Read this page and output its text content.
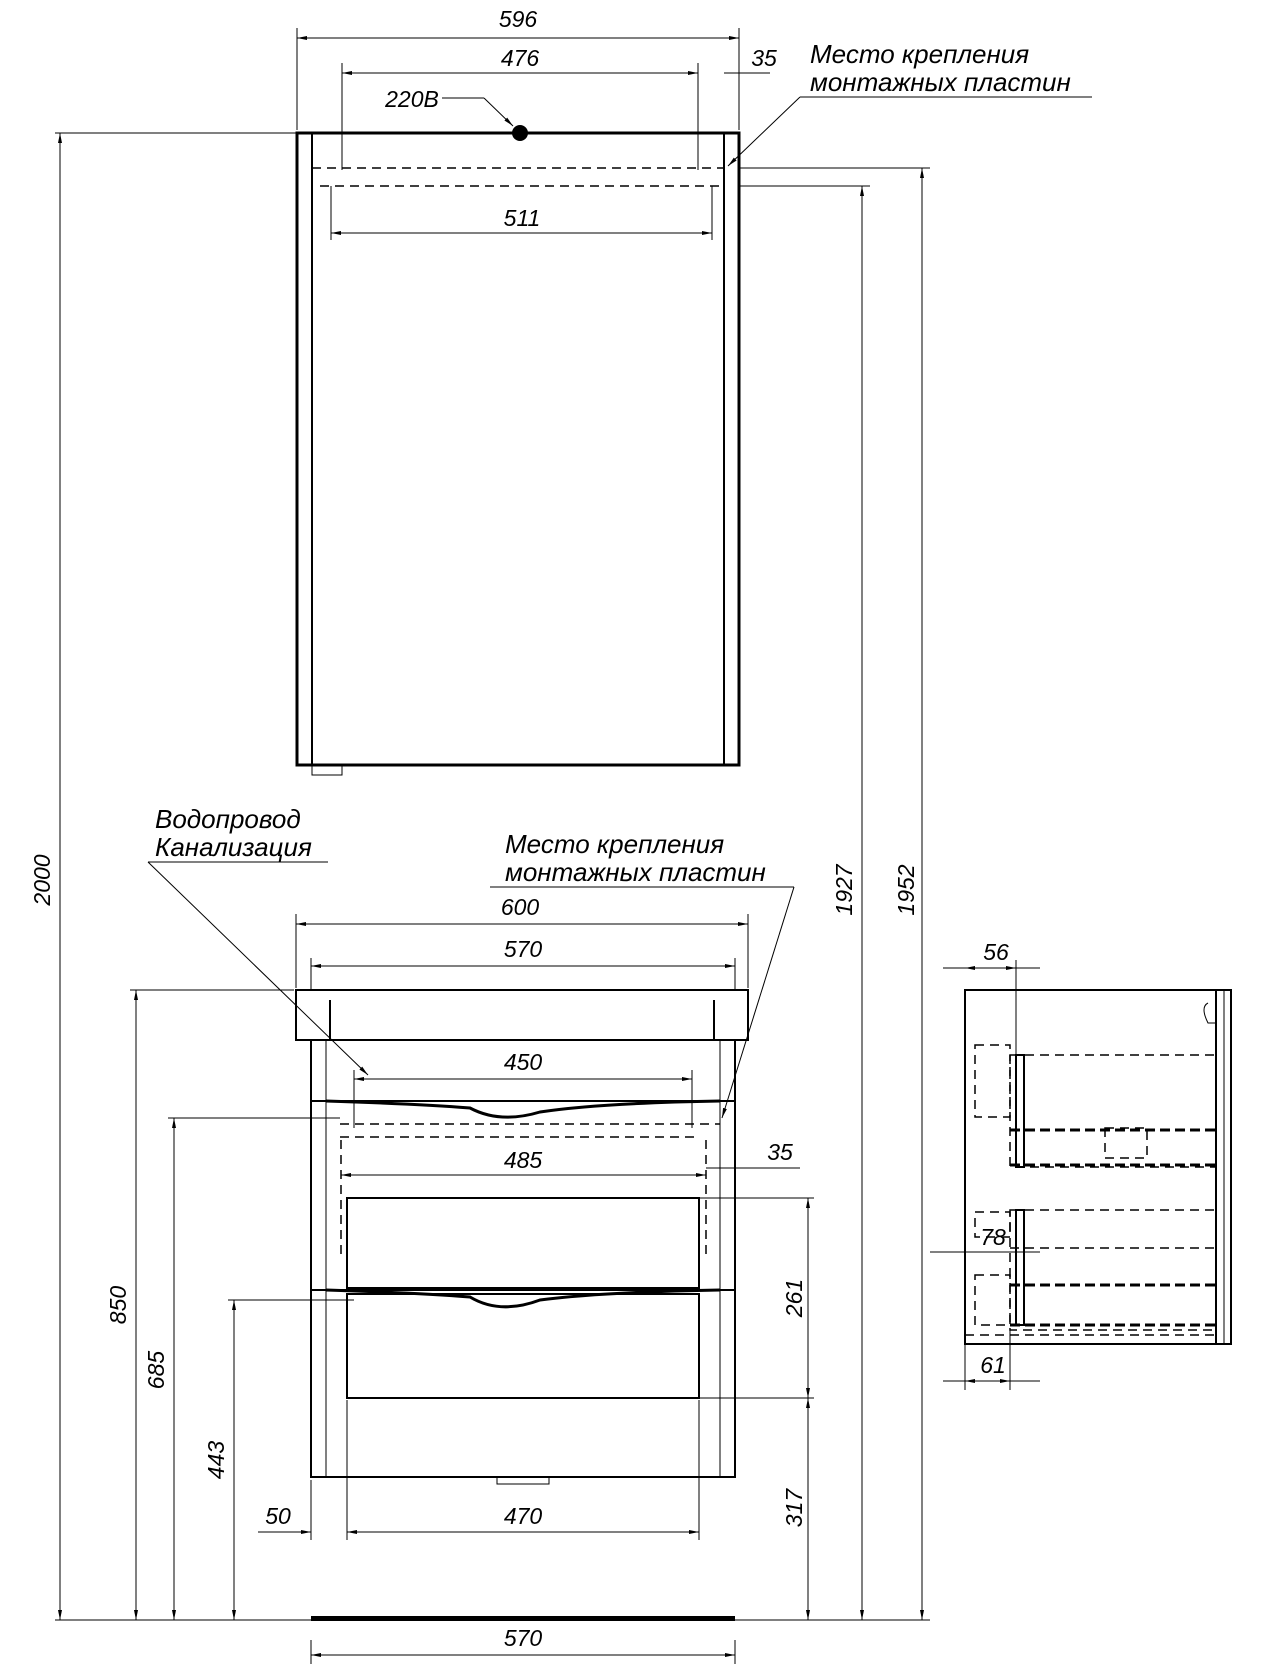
596
476	35
220В
Место крепления
монтажных пластин
511
2000	1927 1952
600
570
450
485	35
Водопровод
Канализация	Место крепления
монтажных пластин
850
685
443
261
317
50	470
570
56
78
61
